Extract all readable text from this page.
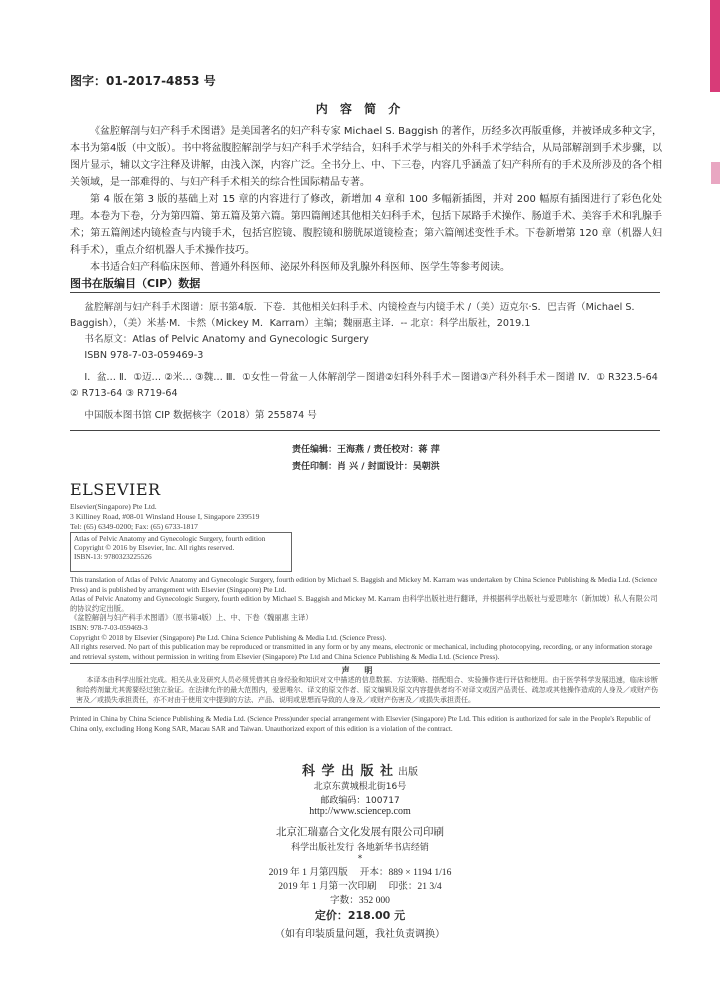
图字：01-2017-4853 号
内 容 简 介

《盆腔解剖与妇产科手术图谱》是美国著名的妇产科专家 Michael S. Baggish 的著作，历经多次再版重修，并被译成多种文字，本书为第4版（中文版）。书中将盆腹腔解剖学与妇产科手术学结合，妇科手术学与相关的外科手术学结合，从局部解剖到手术步骤，以图片显示，辅以文字注释及讲解，由浅入深，内容广泛。全书分上、中、下三卷，内容几乎涵盖了妇产科所有的手术及所涉及的各个相关领域，是一部难得的、与妇产科手术相关的综合性国际精品专著。

第 4 版在第 3 版的基础上对 15 章的内容进行了修改，新增加 4 章和 100 多幅新插图，并对 200 幅原有插图进行了彩色化处理。本卷为下卷，分为第四篇、第五篇及第六篇。第四篇阐述其他相关妇科手术，包括下尿路手术操作、肠道手术、美容手术和乳腺手术；第五篇阐述内镜检查与内镜手术，包括宫腔镜、腹腔镜和膀胱尿道镜检查；第六篇阐述变性手术。下卷新增第 120 章（机器人妇科手术），重点介绍机器人手术操作技巧。

本书适合妇产科临床医师、普通外科医师、泌尿外科医师及乳腺外科医师、医学生等参考阅读。

图书在版编目（CIP）数据

盆腔解剖与妇产科手术图谱：原书第4版．下卷．其他相关妇科手术、内镜检查与内镜手术 /（美）迈克尔·S．巴吉胥（Michael S．Baggish），（美）米基·M．卡然（Mickey M．Karram）主编；魏丽惠主译．-- 北京：科学出版社，2019.1

书名原文：Atlas of Pelvic Anatomy and Gynecologic Surgery

ISBN 978-7-03-059469-3

Ⅰ．盆… Ⅱ．①迈… ②米… ③魏… Ⅲ．①女性－骨盆－人体解剖学－图谱②妇科外科手术－图谱③产科外科手术－图谱 Ⅳ．① R323.5-64 ② R713-64 ③ R719-64

中国版本图书馆 CIP 数据核字（2018）第 255874 号

责任编辑：王海燕 / 责任校对：蒋 萍
责任印制：肖 兴 / 封面设计：吴朝洪
ELSEVIER
Elsevier(Singapore) Pte Ltd.
3 Killiney Road, #08-01 Winsland House I, Singapore 239519
Tel: (65) 6349-0200; Fax: (65) 6733-1817
Atlas of Pelvic Anatomy and Gynecologic Surgery, fourth edition
Copyright © 2016 by Elsevier, Inc. All rights reserved.
ISBN-13: 9780323225526

This translation of Atlas of Pelvic Anatomy and Gynecologic Surgery, fourth edition by Michael S. Baggish and Mickey M. Karram was undertaken by China Science Publishing & Media Ltd. (Science Press) and is published by arrangement with Elsevier (Singapore) Pte Ltd.

Atlas of Pelvic Anatomy and Gynecologic Surgery, fourth edition by Michael S. Baggish and Mickey M. Karram 由科学出版社进行翻译，并根据科学出版社与爱思唯尔（新加坡）私人有限公司的协议约定出版。

《盆腔解剖与妇产科手术图谱》（原书第4版）上、中、下卷（魏丽惠 主译）

ISBN: 978-7-03-059469-3

Copyright © 2018 by Elsevier (Singapore) Pte Ltd. China Science Publishing & Media Ltd. (Science Press).

All rights reserved. No part of this publication may be reproduced or transmitted in any form or by any means, electronic or mechanical, including photocopying, recording, or any information storage and retrieval system, without permission in writing from Elsevier (Singapore) Pte Ltd and China Science Publishing & Media Ltd. (Science Press).

声 明
本译本由科学出版社完成。相关从业及研究人员必须凭借其自身经验和知识对文中描述的信息数据、方法策略、搭配组合、实验操作进行评估和使用。由于医学科学发展迅速，临床诊断和给药剂量尤其需要经过独立验证。在法律允许的最大范围内，爱思唯尔、译文的原文作者、原文编辑及原文内容提供者均不对译文或因产品责任、疏忽或其他操作造成的人身及／或财产伤害及／或损失承担责任，亦不对由于使用文中提到的方法、产品、说明或思想而导致的人身及／或财产伤害及／或损失承担责任。
Printed in China by China Science Publishing & Media Ltd. (Science Press)under special arrangement with Elsevier (Singapore) Pte Ltd. This edition is authorized for sale in the People's Republic of China only, excluding Hong Kong SAR, Macau SAR and Taiwan. Unauthorized export of this edition is a violation of the contract.
科 学 出 版 社 出版
北京东黄城根北街16号
邮政编码：100717
http://www.sciencep.com
北京汇瑞嘉合文化发展有限公司印刷
科学出版社发行 各地新华书店经销
*
2019 年 1 月第四版 开本：889 × 1194 1/16
2019 年 1 月第一次印刷 印张：21 3/4
字数：352 000
定价：218.00 元
（如有印装质量问题，我社负责调换）
